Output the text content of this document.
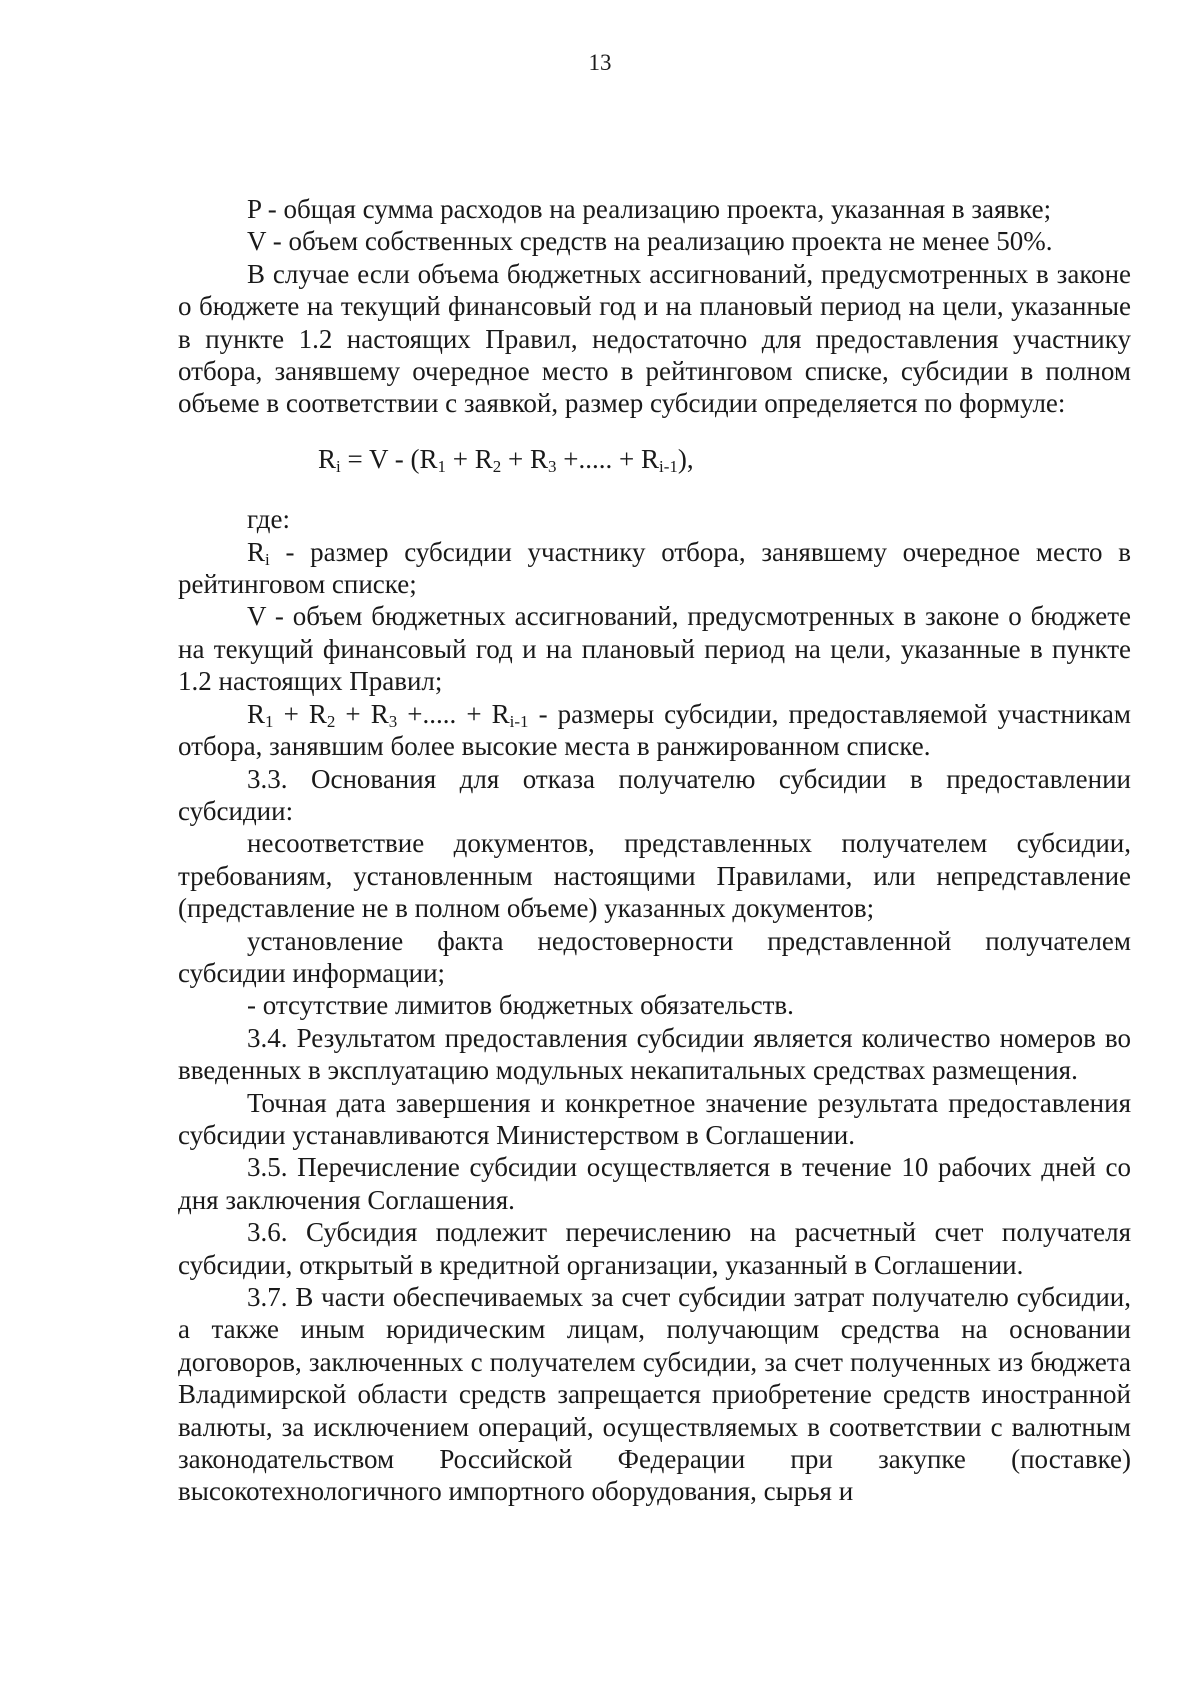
13

P - общая сумма расходов на реализацию проекта, указанная в заявке;

V - объем собственных средств на реализацию проекта не менее 50%.

В случае если объема бюджетных ассигнований, предусмотренных в законе о бюджете на текущий финансовый год и на плановый период на цели, указанные в пункте 1.2 настоящих Правил, недостаточно для предоставления участнику отбора, занявшему очередное место в рейтинговом списке, субсидии в полном объеме в соответствии с заявкой, размер субсидии определяется по формуле:

$R_i = V - (R_1 + R_2 + R_3$ +..... + $R_{i-1}$),

где:

$R_i$ - размер субсидии участнику отбора, занявшему очередное место в рейтинговом списке;

V - объем бюджетных ассигнований, предусмотренных в законе о бюджете на текущий финансовый год и на плановый период на цели, указанные в пункте 1.2 настоящих Правил;

$R_1 + R_2 + R_3$ +..... + $R_{i-1}$ - размеры субсидии, предоставляемой участникам отбора, занявшим более высокие места в ранжированном списке.

3.3. Основания для отказа получателю субсидии в предоставлении субсидии:

несоответствие документов, представленных получателем субсидии, требованиям, установленным настоящими Правилами, или непредставление (представление не в полном объеме) указанных документов;

установление факта недостоверности представленной получателем субсидии информации;

- отсутствие лимитов бюджетных обязательств.

3.4. Результатом предоставления субсидии является количество номеров во введенных в эксплуатацию модульных некапитальных средствах размещения.

Точная дата завершения и конкретное значение результата предоставления субсидии устанавливаются Министерством в Соглашении.

3.5. Перечисление субсидии осуществляется в течение 10 рабочих дней со дня заключения Соглашения.

3.6. Субсидия подлежит перечислению на расчетный счет получателя субсидии, открытый в кредитной организации, указанный в Соглашении.

3.7. В части обеспечиваемых за счет субсидии затрат получателю субсидии, а также иным юридическим лицам, получающим средства на основании договоров, заключенных с получателем субсидии, за счет полученных из бюджета Владимирской области средств запрещается приобретение средств иностранной валюты, за исключением операций, осуществляемых в соответствии с валютным законодательством Российской Федерации при закупке (поставке) высокотехнологичного импортного оборудования, сырья и
